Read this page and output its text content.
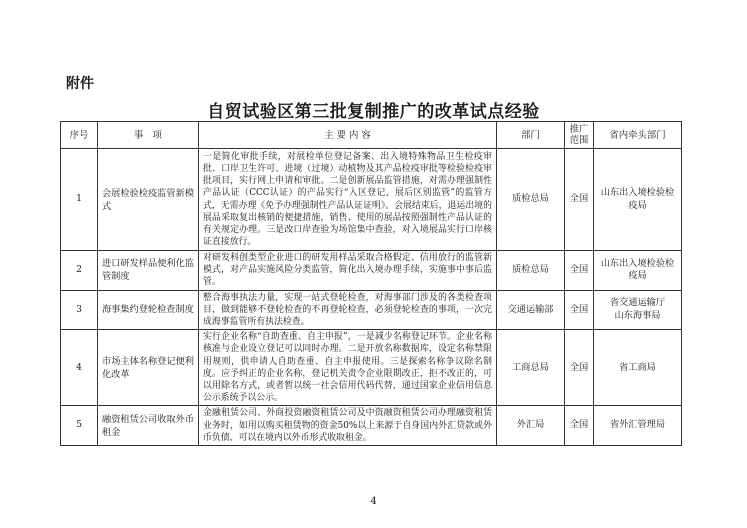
附件
自贸试验区第三批复制推广的改革试点经验
序号	事　项	主 要 内 容	部门	推广范围	省内牵头部门
1	会展检验检疫监管新模式	一是简化审批手续，对展检单位登记备案、出入境特殊物品卫生检疫审批、口岸卫生许可、进境（过境）动植物及其产品检疫审批等检验检疫审批项目，实行网上申请和审批。二是创新展品监管措施，对需办理强制性产品认证（CCC认证）的产品实行“入区登记，展后区别监管”的监管方式，无需办理《免予办理强制性产品认证证明》。会展结束后，退运出境的展品采取复出核销的便捷措施，销售、使用的展品按照强制性产品认证的有关规定办理。三是改口岸查验为场馆集中查验，对入境展品实行口岸核证直接放行。	质检总局	全国	山东出入境检验检疫局
2	进口研发样品便利化监管制度	对研发科创类型企业进口的研发用样品采取合格假定、信用放行的监管新模式，对产品实施风险分类监管，简化出入境办理手续，实施事中事后监管。	质检总局	全国	山东出入境检验检疫局
3	海事集约登轮检查制度	整合海事执法力量，实现一站式登轮检查，对海事部门涉及的各类检查项目，做到能够不登轮检查的不再登轮检查，必须登轮检查的事项，一次完成海事监管所有执法检查。	交通运输部	全国	省交通运输厅
山东海事局
4	市场主体名称登记便利化改革	实行企业名称“自助查重、自主申报”，一是减少名称登记环节。企业名称核准与企业设立登记可以同时办理。二是开放名称数据库，设定名称禁限用规则，供申请人自助查重、自主申报使用。三是探索名称争议除名制度。应予纠正的企业名称，登记机关责令企业限期改正，拒不改正的，可以用除名方式，或者暂以统一社会信用代码代替，通过国家企业信用信息公示系统予以公示。	工商总局	全国	省工商局
5	融资租赁公司收取外币租金	金融租赁公司、外商投资融资租赁公司及中资融资租赁公司办理融资租赁业务时，如用以购买租赁物的资金50%以上来源于自身国内外汇贷款或外币负债，可以在境内以外币形式收取租金。	外汇局	全国	省外汇管理局
4
